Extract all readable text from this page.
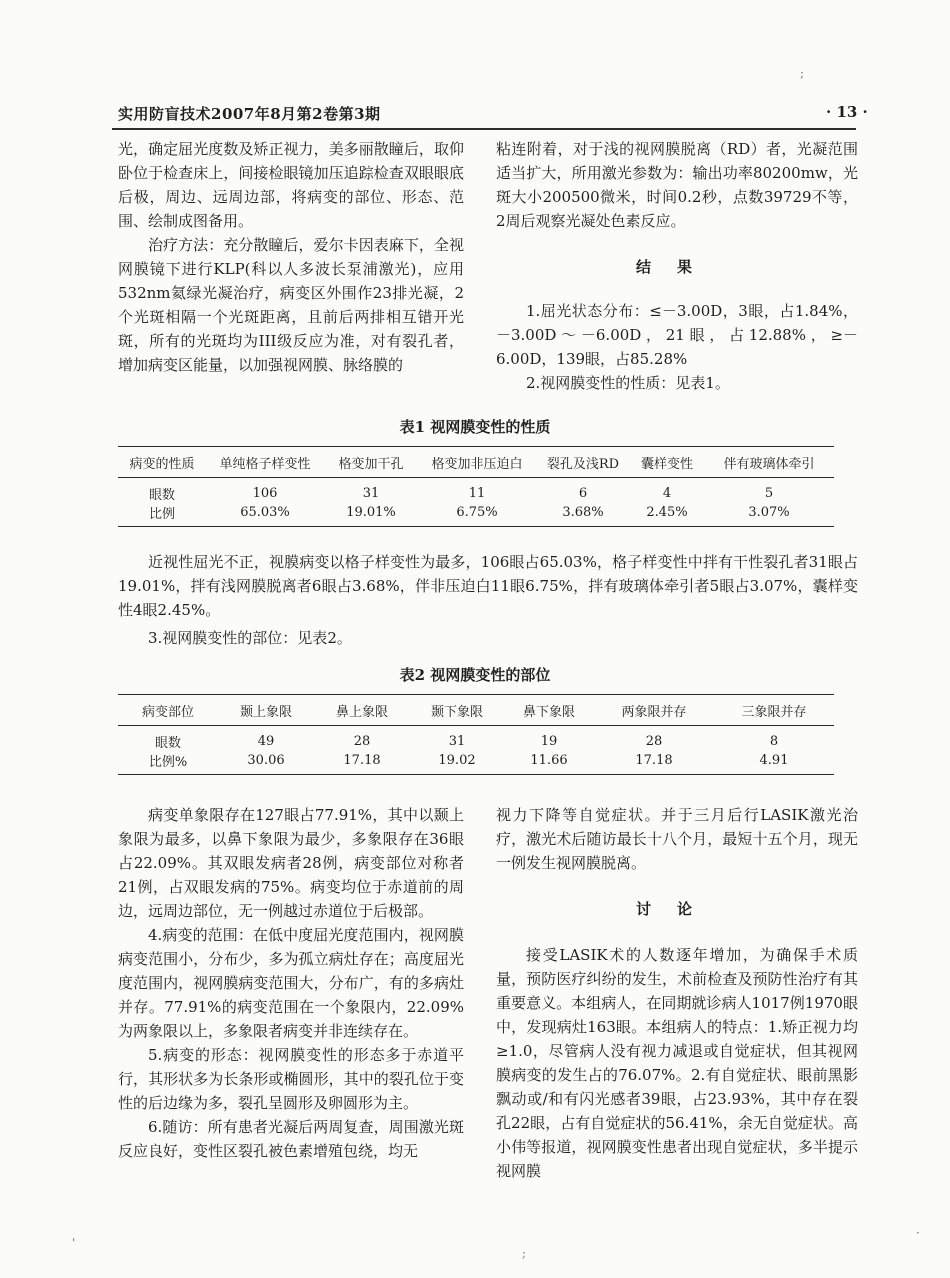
实用防盲技术2007年8月第2卷第3期	· 13 ·

光，确定屈光度数及矫正视力，美多丽散瞳后，取仰卧位于检查床上，间接检眼镜加压追踪检查双眼眼底后极，周边、远周边部，将病变的部位、形态、范围、绘制成图备用。

治疗方法：充分散瞳后，爱尔卡因表麻下，全视网膜镜下进行KLP(科以人多波长泵浦激光)，应用532nm氦绿光凝治疗，病变区外围作23排光凝，2个光斑相隔一个光斑距离，且前后两排相互错开光斑，所有的光斑均为III级反应为准，对有裂孔者，增加病变区能量，以加强视网膜、脉络膜的

粘连附着，对于浅的视网膜脱离（RD）者，光凝范围适当扩大，所用激光参数为：输出功率80200mw，光斑大小200500微米，时间0.2秒，点数39729不等，2周后观察光凝处色素反应。

结果

1.屈光状态分布：≤－3.00D，3眼，占1.84%，－3.00D～－6.00D，21眼，占12.88%，≥－6.00D，139眼，占85.28%

2.视网膜变性的性质：见表1。

表1 视网膜变性的性质
病变的性质	单纯格子样变性	格变加干孔	格变加非压迫白	裂孔及浅RD	囊样变性	伴有玻璃体牵引
眼数	106	31	11	6	4	5
比例	65.03%	19.01%	6.75%	3.68%	2.45%	3.07%

近视性屈光不正，视膜病变以格子样变性为最多，106眼占65.03%，格子样变性中拌有干性裂孔者31眼占19.01%，拌有浅网膜脱离者6眼占3.68%，伴非压迫白11眼6.75%，拌有玻璃体牵引者5眼占3.07%，囊样变性4眼2.45%。

3.视网膜变性的部位：见表2。

表2 视网膜变性的部位
病变部位	颞上象限	鼻上象限	颞下象限	鼻下象限	两象限并存	三象限并存
眼数	49	28	31	19	28	8
比例%	30.06	17.18	19.02	11.66	17.18	4.91

病变单象限存在127眼占77.91%，其中以颞上象限为最多，以鼻下象限为最少，多象限存在36眼占22.09%。其双眼发病者28例，病变部位对称者21例，占双眼发病的75%。病变均位于赤道前的周边，远周边部位，无一例越过赤道位于后极部。

4.病变的范围：在低中度屈光度范围内，视网膜病变范围小，分布少，多为孤立病灶存在；高度屈光度范围内，视网膜病变范围大，分布广，有的多病灶并存。77.91%的病变范围在一个象限内，22.09%为两象限以上，多象限者病变并非连续存在。

5.病变的形态：视网膜变性的形态多于赤道平行，其形状多为长条形或椭圆形，其中的裂孔位于变性的后边缘为多，裂孔呈圆形及卵圆形为主。

6.随访：所有患者光凝后两周复查，周围激光斑反应良好，变性区裂孔被色素增殖包绕，均无

视力下降等自觉症状。并于三月后行LASIK激光治疗，激光术后随访最长十八个月，最短十五个月，现无一例发生视网膜脱离。

讨论

接受LASIK术的人数逐年增加，为确保手术质量，预防医疗纠纷的发生，术前检查及预防性治疗有其重要意义。本组病人，在同期就诊病人1017例1970眼中，发现病灶163眼。本组病人的特点：1.矫正视力均≥1.0，尽管病人没有视力减退或自觉症状，但其视网膜病变的发生占的76.07%。2.有自觉症状、眼前黑影飘动或/和有闪光感者39眼，占23.93%，其中存在裂孔22眼，占有自觉症状的56.41%，余无自觉症状。高小伟等报道，视网膜变性患者出现自觉症状，多半提示视网膜

;
;
'
·
